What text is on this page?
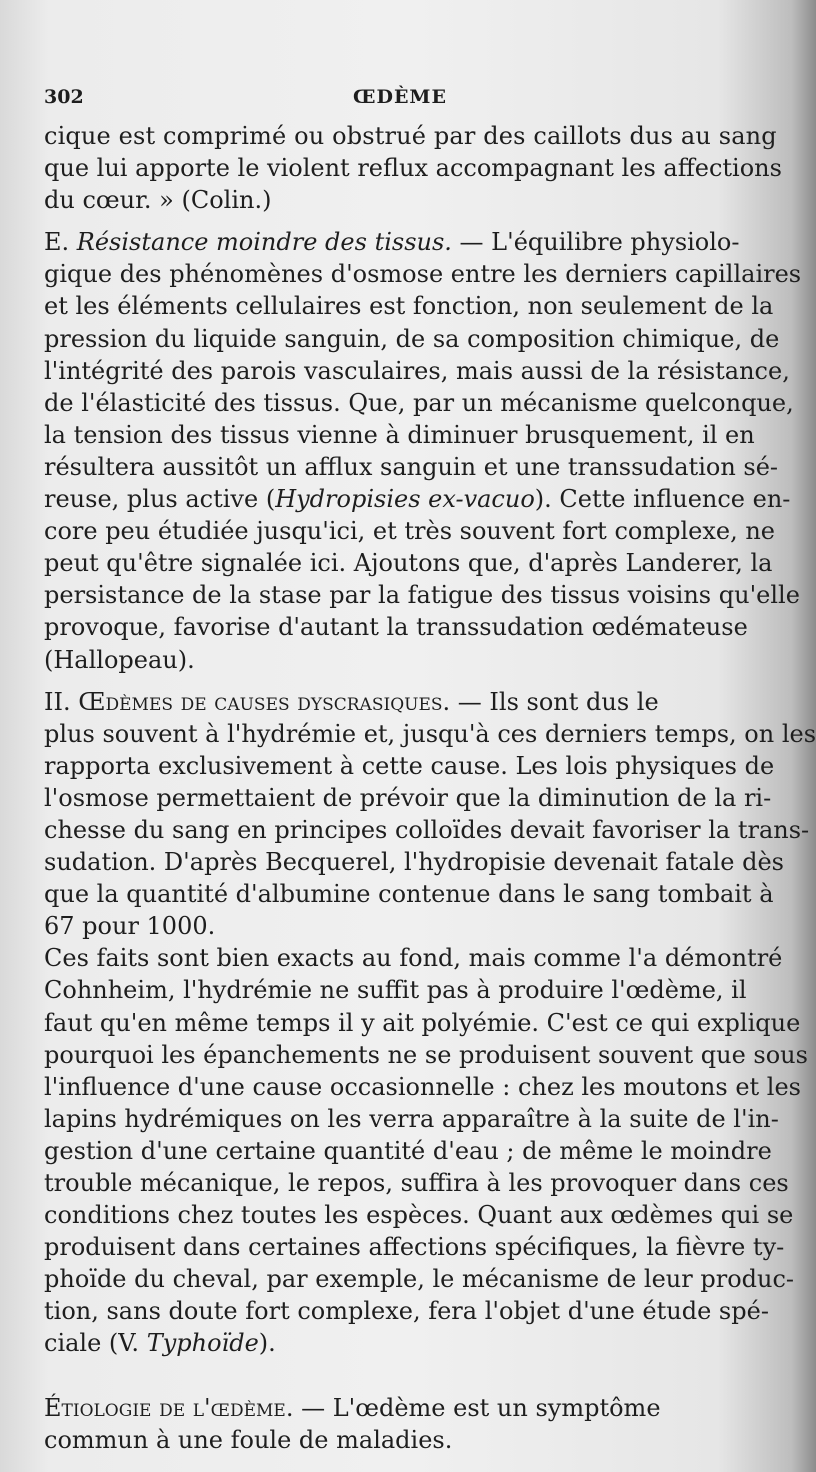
302	ŒDÈME
cique est comprimé ou obstrué par des caillots dus au sang
que lui apporte le violent reflux accompagnant les affections
du cœur. » (Colin.)
E. Résistance moindre des tissus. — L'équilibre physiolo-
gique des phénomènes d'osmose entre les derniers capillaires
et les éléments cellulaires est fonction, non seulement de la
pression du liquide sanguin, de sa composition chimique, de
l'intégrité des parois vasculaires, mais aussi de la résistance,
de l'élasticité des tissus. Que, par un mécanisme quelconque,
la tension des tissus vienne à diminuer brusquement, il en
résultera aussitôt un afflux sanguin et une transsudation sé-
reuse, plus active (Hydropisies ex-vacuo). Cette influence en-
core peu étudiée jusqu'ici, et très souvent fort complexe, ne
peut qu'être signalée ici. Ajoutons que, d'après Landerer, la
persistance de la stase par la fatigue des tissus voisins qu'elle
provoque, favorise d'autant la transsudation œdémateuse
(Hallopeau).
II. Œdèmes de causes dyscrasiques. — Ils sont dus le
plus souvent à l'hydrémie et, jusqu'à ces derniers temps, on les
rapporta exclusivement à cette cause. Les lois physiques de
l'osmose permettaient de prévoir que la diminution de la ri-
chesse du sang en principes colloïdes devait favoriser la trans-
sudation. D'après Becquerel, l'hydropisie devenait fatale dès
que la quantité d'albumine contenue dans le sang tombait à
67 pour 1000.
Ces faits sont bien exacts au fond, mais comme l'a démontré
Cohnheim, l'hydrémie ne suffit pas à produire l'œdème, il
faut qu'en même temps il y ait polyémie. C'est ce qui explique
pourquoi les épanchements ne se produisent souvent que sous
l'influence d'une cause occasionnelle : chez les moutons et les
lapins hydrémiques on les verra apparaître à la suite de l'in-
gestion d'une certaine quantité d'eau ; de même le moindre
trouble mécanique, le repos, suffira à les provoquer dans ces
conditions chez toutes les espèces. Quant aux œdèmes qui se
produisent dans certaines affections spécifiques, la fièvre ty-
phoïde du cheval, par exemple, le mécanisme de leur produc-
tion, sans doute fort complexe, fera l'objet d'une étude spé-
ciale (V. Typhoïde).
Étiologie de l'œdème. — L'œdème est un symptôme
commun à une foule de maladies.
